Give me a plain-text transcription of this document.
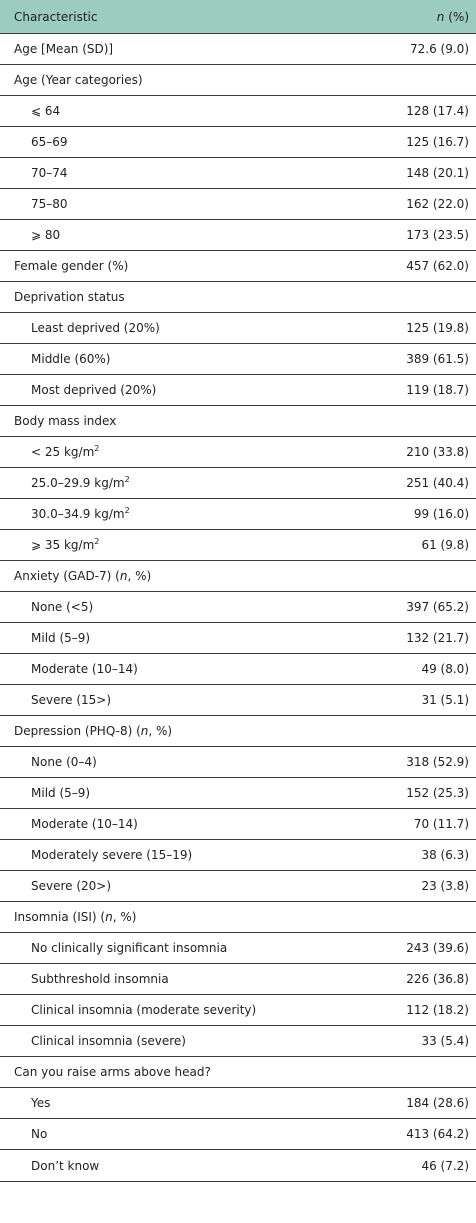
Characteristic	n (%)
Age [Mean (SD)]	72.6 (9.0)
Age (Year categories)
⩽ 64	128 (17.4)
65–69	125 (16.7)
70–74	148 (20.1)
75–80	162 (22.0)
⩾ 80	173 (23.5)
Female gender (%)	457 (62.0)
Deprivation status
Least deprived (20%)	125 (19.8)
Middle (60%)	389 (61.5)
Most deprived (20%)	119 (18.7)
Body mass index
< 25 $kg/m^2$	210 (33.8)
25.0–29.9 $kg/m^2$	251 (40.4)
30.0–34.9 $kg/m^2$	99 (16.0)
⩾ 35 $kg/m^2$	61 (9.8)
Anxiety (GAD-7) (n, %)
None (<5)	397 (65.2)
Mild (5–9)	132 (21.7)
Moderate (10–14)	49 (8.0)
Severe (15>)	31 (5.1)
Depression (PHQ-8) (n, %)
None (0–4)	318 (52.9)
Mild (5–9)	152 (25.3)
Moderate (10–14)	70 (11.7)
Moderately severe (15–19)	38 (6.3)
Severe (20>)	23 (3.8)
Insomnia (ISI) (n, %)
No clinically significant insomnia	243 (39.6)
Subthreshold insomnia	226 (36.8)
Clinical insomnia (moderate severity)	112 (18.2)
Clinical insomnia (severe)	33 (5.4)
Can you raise arms above head?
Yes	184 (28.6)
No	413 (64.2)
Don’t know	46 (7.2)
